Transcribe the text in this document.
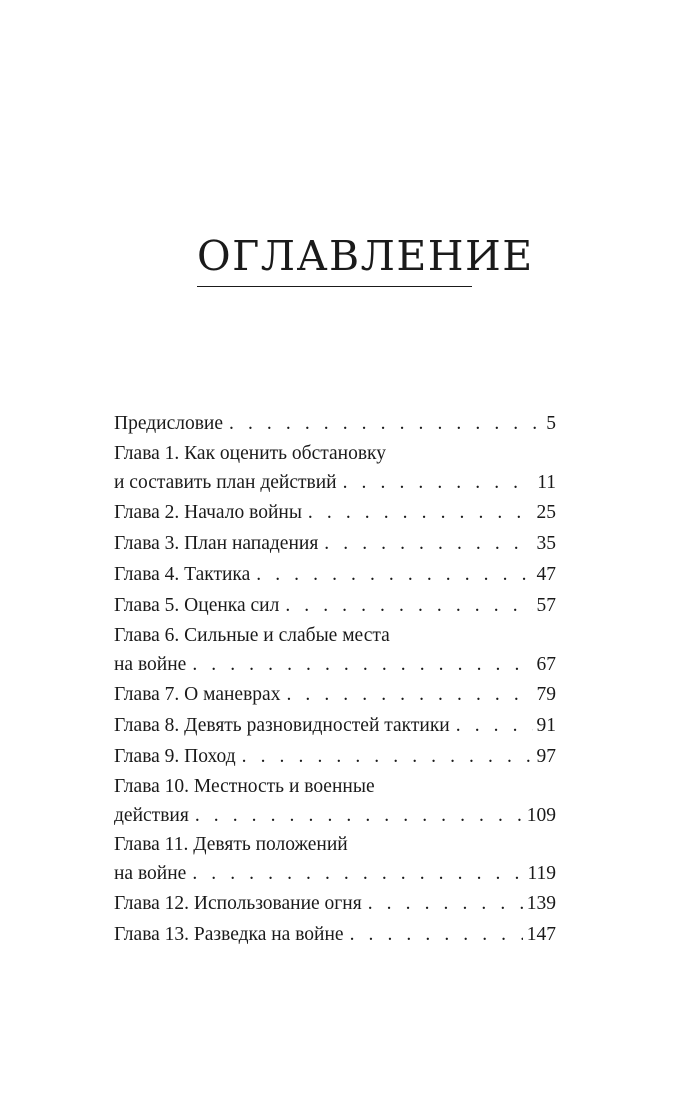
ОГЛАВЛЕНИЕ
Предисловие . . .	5
Глава 1. Как оценить обстановку
и составить план действий . . .	11
Глава 2. Начало войны . . .	25
Глава 3. План нападения . . .	35
Глава 4. Тактика . . .	47
Глава 5. Оценка сил . . .	57
Глава 6. Сильные и слабые места
на войне . . .	67
Глава 7. О маневрах . . .	79
Глава 8. Девять разновидностей тактики . . .	91
Глава 9. Поход . . .	97
Глава 10. Местность и военные
действия . . .	109
Глава 11. Девять положений
на войне . . .	119
Глава 12. Использование огня . . .	139
Глава 13. Разведка на войне . . .	147
